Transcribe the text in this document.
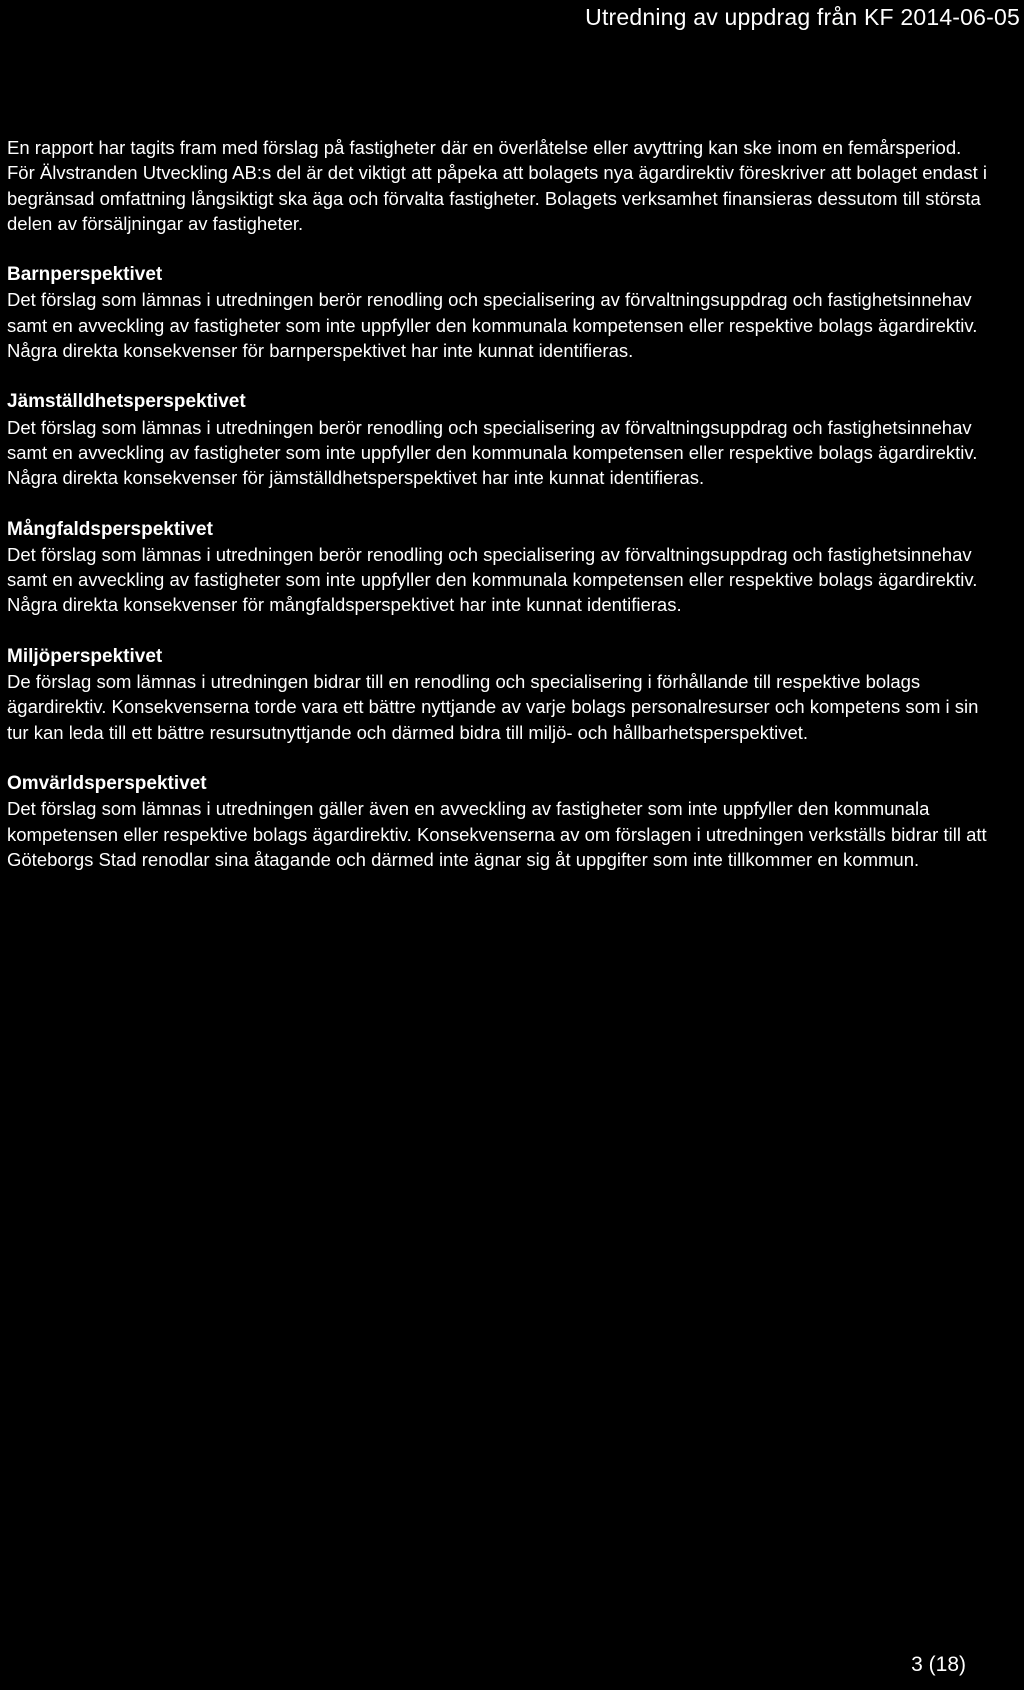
Utredning av uppdrag från KF 2014-06-05

En rapport har tagits fram med förslag på fastigheter där en överlåtelse eller avyttring kan ske inom en femårsperiod.

För Älvstranden Utveckling AB:s del är det viktigt att påpeka att bolagets nya ägardirektiv föreskriver att bolaget endast i begränsad omfattning långsiktigt ska äga och förvalta fastigheter. Bolagets verksamhet finansieras dessutom till största delen av försäljningar av fastigheter.

Barnperspektivet

Det förslag som lämnas i utredningen berör renodling och specialisering av förvaltningsuppdrag och fastighetsinnehav samt en avveckling av fastigheter som inte uppfyller den kommunala kompetensen eller respektive bolags ägardirektiv. Några direkta konsekvenser för barnperspektivet har inte kunnat identifieras.

Jämställdhetsperspektivet

Det förslag som lämnas i utredningen berör renodling och specialisering av förvaltningsuppdrag och fastighetsinnehav samt en avveckling av fastigheter som inte uppfyller den kommunala kompetensen eller respektive bolags ägardirektiv. Några direkta konsekvenser för jämställdhetsperspektivet har inte kunnat identifieras.

Mångfaldsperspektivet

Det förslag som lämnas i utredningen berör renodling och specialisering av förvaltningsuppdrag och fastighetsinnehav samt en avveckling av fastigheter som inte uppfyller den kommunala kompetensen eller respektive bolags ägardirektiv. Några direkta konsekvenser för mångfaldsperspektivet har inte kunnat identifieras.

Miljöperspektivet

De förslag som lämnas i utredningen bidrar till en renodling och specialisering i förhållande till respektive bolags ägardirektiv. Konsekvenserna torde vara ett bättre nyttjande av varje bolags personalresurser och kompetens som i sin tur kan leda till ett bättre resursutnyttjande och därmed bidra till miljö- och hållbarhetsperspektivet.

Omvärldsperspektivet

Det förslag som lämnas i utredningen gäller även en avveckling av fastigheter som inte uppfyller den kommunala kompetensen eller respektive bolags ägardirektiv. Konsekvenserna av om förslagen i utredningen verkställs bidrar till att Göteborgs Stad renodlar sina åtagande och därmed inte ägnar sig åt uppgifter som inte tillkommer en kommun.

3 (18)
